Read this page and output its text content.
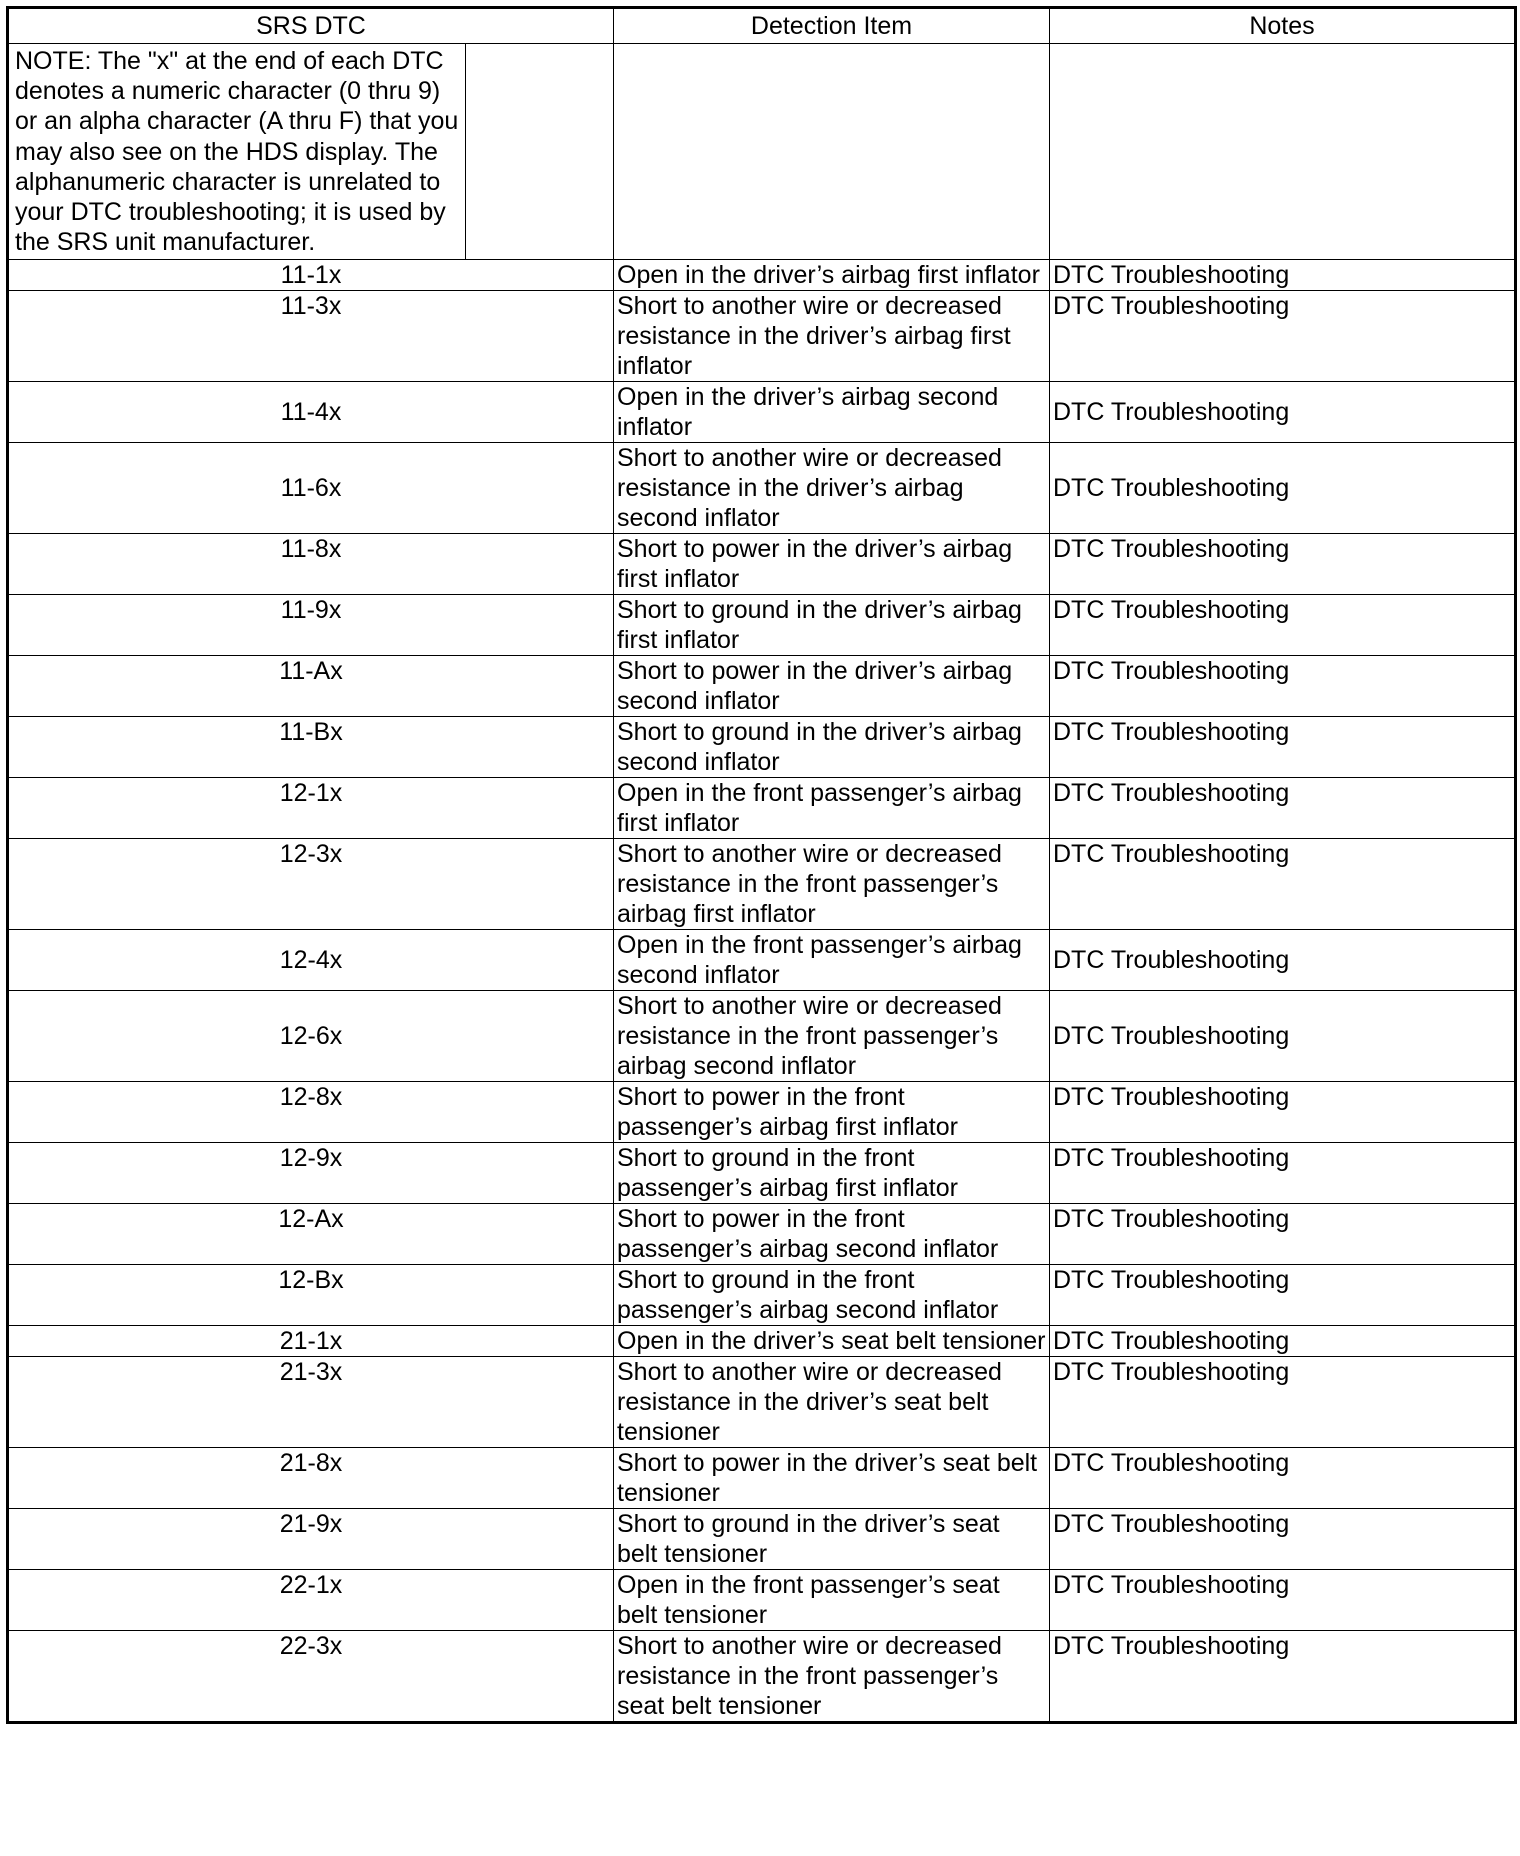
SRS DTC	Detection Item	Notes

NOTE: The "x" at the end of each DTC denotes a numeric character (0 thru 9) or an alpha character (A thru F) that you may also see on the HDS display. The alphanumeric character is unrelated to your DTC troubleshooting; it is used by the SRS unit manufacturer.		

11-1x	Open in the driver’s airbag first inflator	DTC Troubleshooting
11-3x	Short to another wire or decreased resistance in the driver’s airbag first inflator	DTC Troubleshooting
11-4x	Open in the driver’s airbag second inflator	DTC Troubleshooting
11-6x	Short to another wire or decreased resistance in the driver’s airbag second inflator	DTC Troubleshooting
11-8x	Short to power in the driver’s airbag first inflator	DTC Troubleshooting
11-9x	Short to ground in the driver’s airbag first inflator	DTC Troubleshooting
11-Ax	Short to power in the driver’s airbag second inflator	DTC Troubleshooting
11-Bx	Short to ground in the driver’s airbag second inflator	DTC Troubleshooting
12-1x	Open in the front passenger’s airbag first inflator	DTC Troubleshooting
12-3x	Short to another wire or decreased resistance in the front passenger’s airbag first inflator	DTC Troubleshooting
12-4x	Open in the front passenger’s airbag second inflator	DTC Troubleshooting
12-6x	Short to another wire or decreased resistance in the front passenger’s airbag second inflator	DTC Troubleshooting
12-8x	Short to power in the front passenger’s airbag first inflator	DTC Troubleshooting
12-9x	Short to ground in the front passenger’s airbag first inflator	DTC Troubleshooting
12-Ax	Short to power in the front passenger’s airbag second inflator	DTC Troubleshooting
12-Bx	Short to ground in the front passenger’s airbag second inflator	DTC Troubleshooting
21-1x	Open in the driver’s seat belt tensioner	DTC Troubleshooting
21-3x	Short to another wire or decreased resistance in the driver’s seat belt tensioner	DTC Troubleshooting
21-8x	Short to power in the driver’s seat belt tensioner	DTC Troubleshooting
21-9x	Short to ground in the driver’s seat belt tensioner	DTC Troubleshooting
22-1x	Open in the front passenger’s seat belt tensioner	DTC Troubleshooting
22-3x	Short to another wire or decreased resistance in the front passenger’s seat belt tensioner	DTC Troubleshooting
